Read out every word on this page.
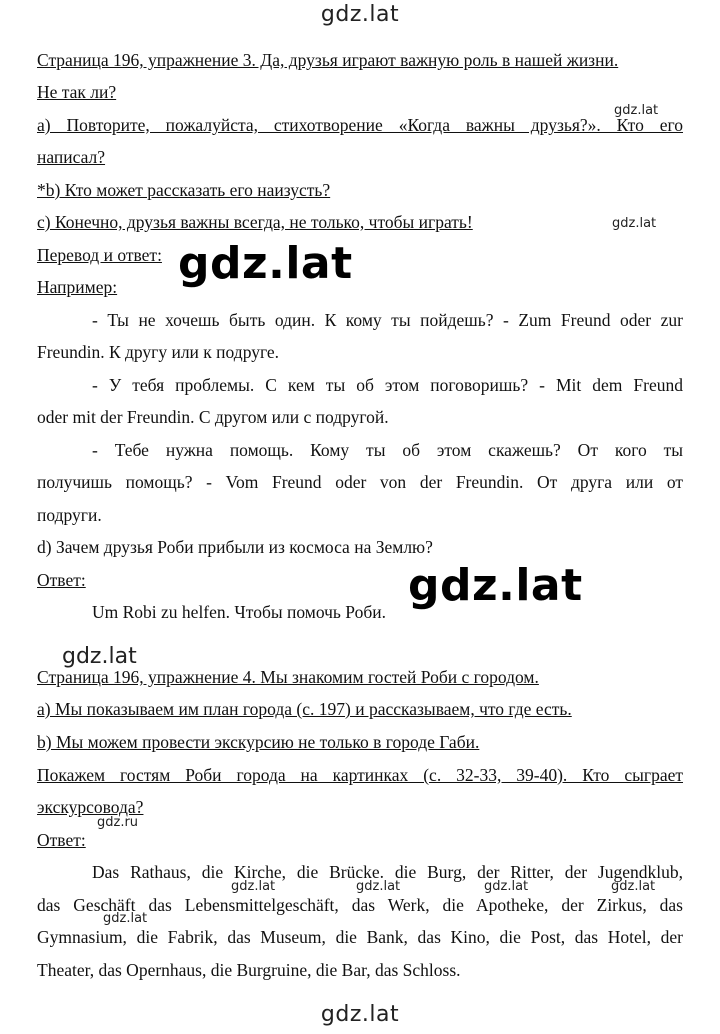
gdz.lat
gdz.lat
gdz.lat
gdz.lat
gdz.lat
gdz.lat
gdz.ru
gdz.lat	gdz.lat	gdz.lat	gdz.lat
gdz.lat
gdz.lat
Страница 196, упражнение 3. Да, друзья играют важную роль в нашей жизни.
Не так ли?
a) Повторите, пожалуйста, стихотворение «Когда важны друзья?». Кто его
написал?
*b) Кто может рассказать его наизусть?
c) Конечно, друзья важны всегда, не только, чтобы играть!
Перевод и ответ:
Например:
- Ты не хочешь быть один. К кому ты пойдешь? - Zum Freund oder zur
Freundin. К другу или к подруге.
- У тебя проблемы. С кем ты об этом поговоришь? - Mit dem Freund
oder mit der Freundin. С другом или с подругой.
- Тебе нужна помощь. Кому ты об этом скажешь? От кого ты
получишь помощь? - Vom Freund oder von der Freundin. От друга или от
подруги.
d) Зачем друзья Роби прибыли из космоса на Землю?
Ответ:
Um Robi zu helfen. Чтобы помочь Роби.
Страница 196, упражнение 4. Мы знакомим гостей Роби с городом.
a) Мы показываем им план города (с. 197) и рассказываем, что где есть.
b) Мы можем провести экскурсию не только в городе Габи.
Покажем гостям Роби города на картинках (с. 32-33, 39-40). Кто сыграет
экскурсовода?
Ответ:
Das Rathaus, die Kirche, die Brücke. die Burg, der Ritter, der Jugendklub,
das Geschäft das Lebensmittelgeschäft, das Werk, die Apotheke, der Zirkus, das
Gymnasium, die Fabrik, das Museum, die Bank, das Kino, die Post, das Hotel, der
Theater, das Opernhaus, die Burgruine, die Bar, das Schloss.
